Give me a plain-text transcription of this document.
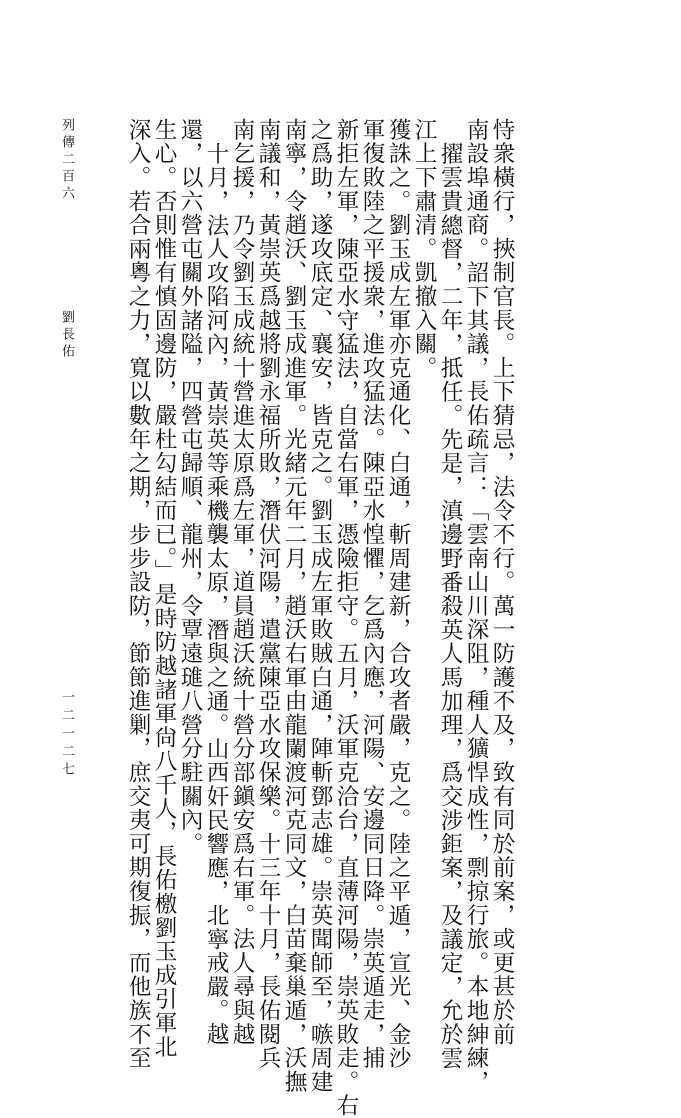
深入。若合兩粵之力，寬以數年之期，步步設防，節節進剿，庶交夷可期復振，而他族不至 生心。否則惟有慎固邊防，嚴杜勾結而已。」是時防越諸軍尙八千人，長佑檄劉玉成引軍北 還，以六營屯關外諸隘，四營屯歸順、龍州，令覃遠璡八營分駐關內。 十月，法人攻陷河內，黃崇英等乘機襲太原，潛與之通。山西奸民響應，北寧戒嚴。越 南乞援，乃令劉玉成統十營進太原爲左軍，道員趙沃統十營分部鎭安爲右軍。法人尋與越 南議和，黃崇英爲越將劉永福所敗，潛伏河陽，遣黨陳亞水攻保樂。十三年十月，長佑閱兵 南寧，令趙沃、劉玉成進軍。光緒元年二月，趙沃右軍由龍闌渡河克同文，白苗棄巢遁，沃撫 之爲助，遂攻底定、襄安，皆克之。劉玉成左軍敗賊白通，陣斬鄧志雄。崇英聞師至，嗾周建 新拒左軍，陳亞水守猛法，自當右軍，憑險拒守。五月，沃軍克洽台，直薄河陽，崇英敗走。右 軍復敗陸之平援衆，進攻猛法。陳亞水惶懼，乞爲內應，河陽、安邊同日降。崇英遁走，捕 獲誅之。劉玉成左軍亦克通化、白通，斬周建新，合攻者嚴，克之。陸之平遁，宣光、金沙 江上下肅清。凱撤入關。 擢雲貴總督，二年，抵任。先是，滇邊野番殺英人馬加理，爲交涉鉅案，及議定，允於雲 南設埠通商。詔下其議，長佑疏言：「雲南山川深阻，種人獷悍成性，剽掠行旅。本地紳練， 恃衆橫行，挾制官長。上下猜忌，法令不行。萬一防護不及，致有同於前案，或更甚於前
列傳二百六
劉長佑
一二一二七
